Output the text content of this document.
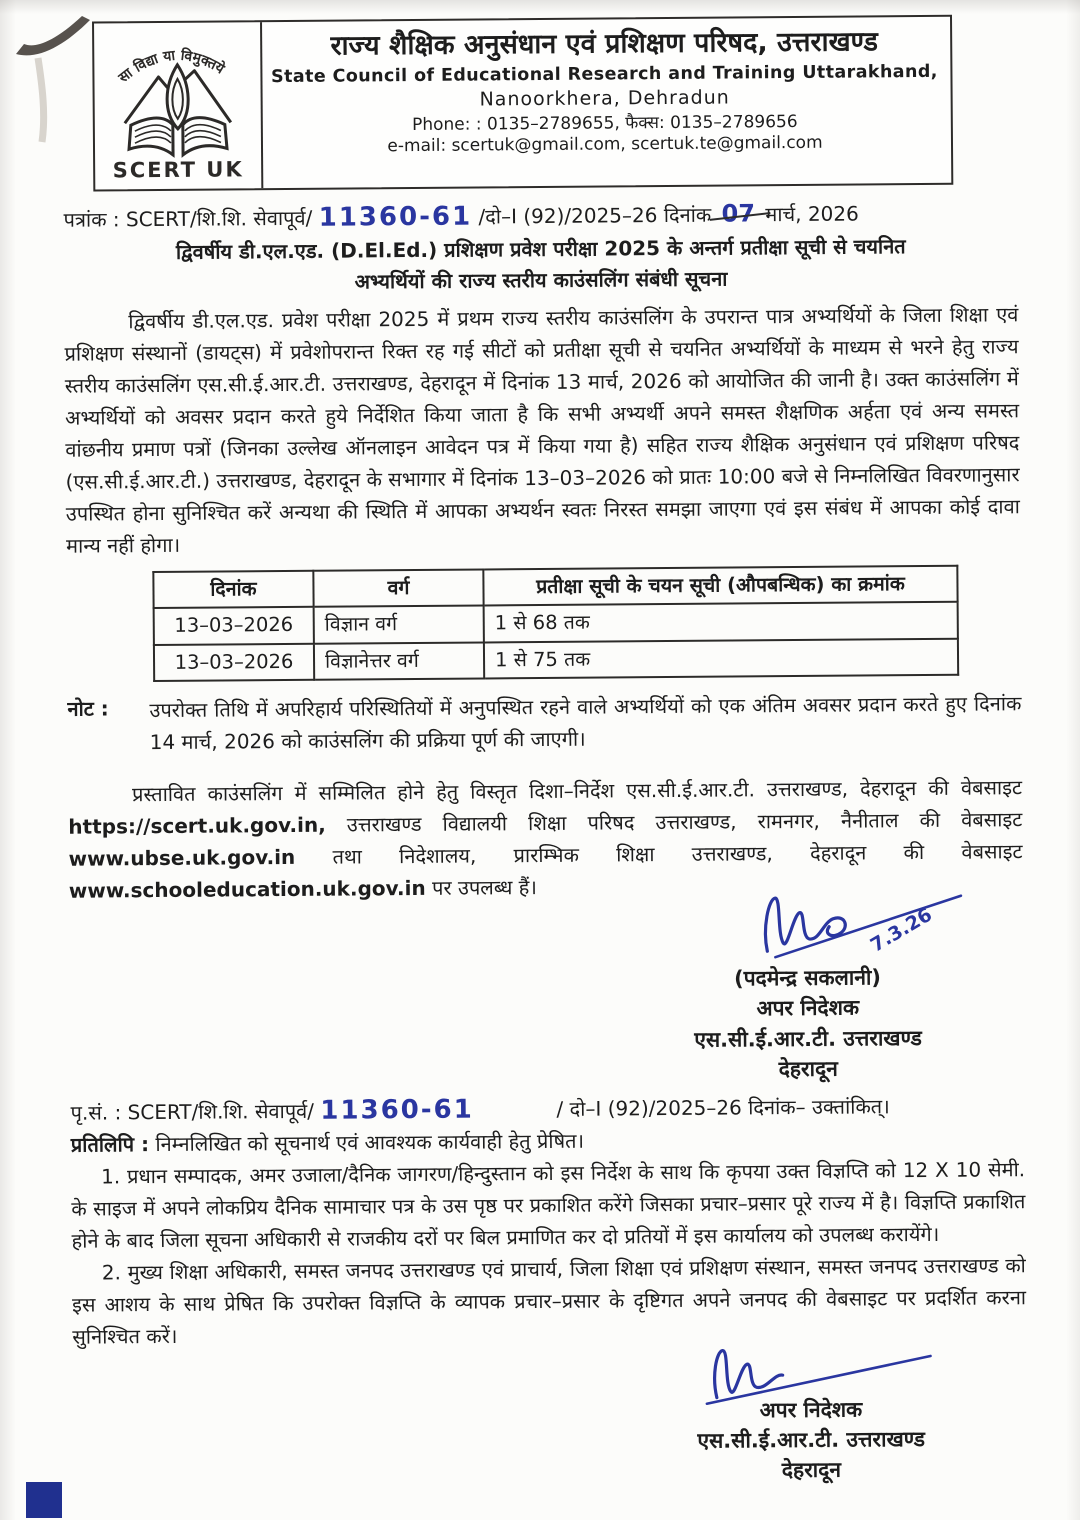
सा विद्या या विमुक्तये
SCERT UK
राज्य शैक्षिक अनुसंधान एवं प्रशिक्षण परिषद, उत्तराखण्ड
State Council of Educational Research and Training Uttarakhand,
Nanoorkhera, Dehradun
Phone: : 0135–2789655, फैक्स: 0135–2789656
e-mail: scertuk@gmail.com, scertuk.te@gmail.com
पत्रांक : SCERT/शि.शि. सेवापूर्व/ 11360-61 /दो–I (92)/2025–26 दिनांक 07 मार्च, 2026
द्विवर्षीय डी.एल.एड. (D.El.Ed.) प्रशिक्षण प्रवेश परीक्षा 2025 के अन्तर्ग प्रतीक्षा सूची से चयनित
अभ्यर्थियों की राज्य स्तरीय काउंसलिंग संबंधी सूचना
द्विवर्षीय डी.एल.एड. प्रवेश परीक्षा 2025 में प्रथम राज्य स्तरीय काउंसलिंग के उपरान्त पात्र अभ्यर्थियों के जिला शिक्षा एवं प्रशिक्षण संस्थानों (डायट्स) में प्रवेशोपरान्त रिक्त रह गई सीटों को प्रतीक्षा सूची से चयनित अभ्यर्थियों के माध्यम से भरने हेतु राज्य स्तरीय काउंसलिंग एस.सी.ई.आर.टी. उत्तराखण्ड, देहरादून में दिनांक 13 मार्च, 2026 को आयोजित की जानी है। उक्त काउंसलिंग में अभ्यर्थियों को अवसर प्रदान करते हुये निर्देशित किया जाता है कि सभी अभ्यर्थी अपने समस्त शैक्षणिक अर्हता एवं अन्य समस्त वांछनीय प्रमाण पत्रों (जिनका उल्लेख ऑनलाइन आवेदन पत्र में किया गया है) सहित राज्य शैक्षिक अनुसंधान एवं प्रशिक्षण परिषद (एस.सी.ई.आर.टी.) उत्तराखण्ड, देहरादून के सभागार में दिनांक 13–03–2026 को प्रातः 10:00 बजे से निम्नलिखित विवरणानुसार उपस्थित होना सुनिश्चित करें अन्यथा की स्थिति में आपका अभ्यर्थन स्वतः निरस्त समझा जाएगा एवं इस संबंध में आपका कोई दावा मान्य नहीं होगा।
दिनांक	वर्ग	प्रतीक्षा सूची के चयन सूची (औपबन्धिक) का क्रमांक
13–03–2026	विज्ञान वर्ग	1 से 68 तक
13–03–2026	विज्ञानेत्तर वर्ग	1 से 75 तक
नोट :	उपरोक्त तिथि में अपरिहार्य परिस्थितियों में अनुपस्थित रहने वाले अभ्यर्थियों को एक अंतिम अवसर प्रदान करते हुए दिनांक 14 मार्च, 2026 को काउंसलिंग की प्रक्रिया पूर्ण की जाएगी।
प्रस्तावित काउंसलिंग में सम्मिलित होने हेतु विस्तृत दिशा–निर्देश एस.सी.ई.आर.टी. उत्तराखण्ड, देहरादून की वेबसाइट https://scert.uk.gov.in, उत्तराखण्ड विद्यालयी शिक्षा परिषद उत्तराखण्ड, रामनगर, नैनीताल की वेबसाइट www.ubse.uk.gov.in तथा निदेशालय, प्रारम्भिक शिक्षा उत्तराखण्ड, देहरादून की वेबसाइट www.schooleducation.uk.gov.in पर उपलब्ध हैं।
7.3.26
(पदमेन्द्र सकलानी)
अपर निदेशक
एस.सी.ई.आर.टी. उत्तराखण्ड
देहरादून
पृ.सं. : SCERT/शि.शि. सेवापूर्व/ 11360-61	/ दो–I (92)/2025–26 दिनांक– उक्तांकित्।
प्रतिलिपि : निम्नलिखित को सूचनार्थ एवं आवश्यक कार्यवाही हेतु प्रेषित।
1. प्रधान सम्पादक, अमर उजाला/दैनिक जागरण/हिन्दुस्तान को इस निर्देश के साथ कि कृपया उक्त विज्ञप्ति को 12 X 10 सेमी. के साइज में अपने लोकप्रिय दैनिक सामाचार पत्र के उस पृष्ठ पर प्रकाशित करेंगे जिसका प्रचार–प्रसार पूरे राज्य में है। विज्ञप्ति प्रकाशित होने के बाद जिला सूचना अधिकारी से राजकीय दरों पर बिल प्रमाणित कर दो प्रतियों में इस कार्यालय को उपलब्ध करायेंगे।
2. मुख्य शिक्षा अधिकारी, समस्त जनपद उत्तराखण्ड एवं प्राचार्य, जिला शिक्षा एवं प्रशिक्षण संस्थान, समस्त जनपद उत्तराखण्ड को इस आशय के साथ प्रेषित कि उपरोक्त विज्ञप्ति के व्यापक प्रचार–प्रसार के दृष्टिगत अपने जनपद की वेबसाइट पर प्रदर्शित करना सुनिश्चित करें।
अपर निदेशक
एस.सी.ई.आर.टी. उत्तराखण्ड
देहरादून
